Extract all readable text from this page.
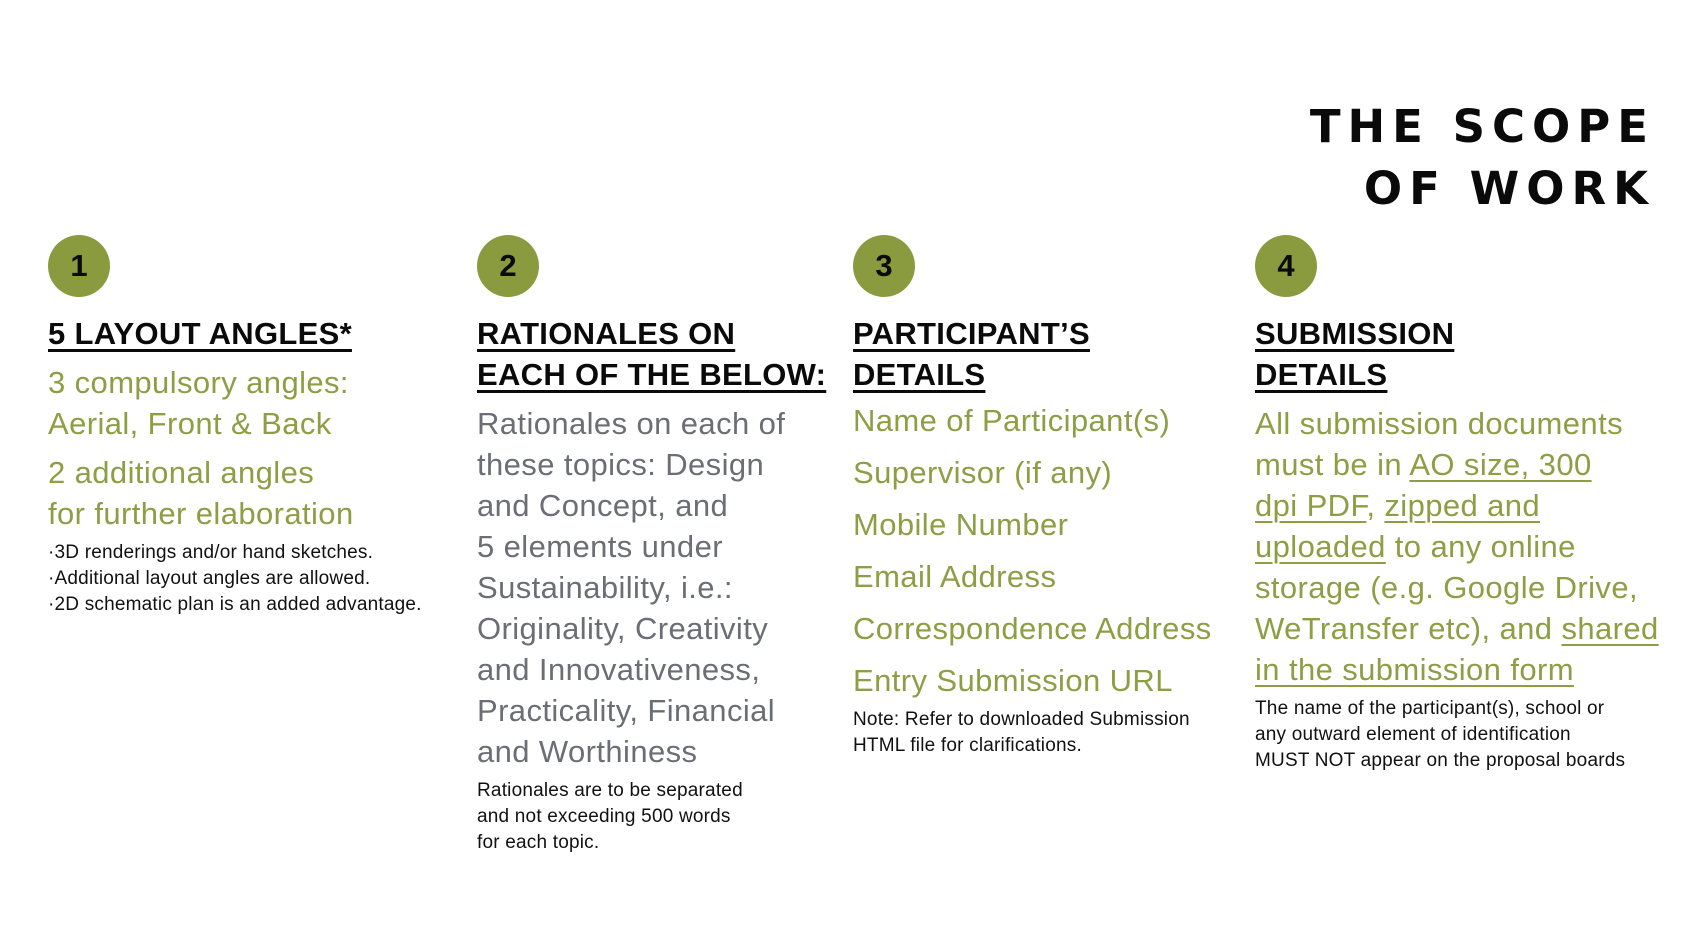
THE SCOPE
OF WORK
1
5 LAYOUT ANGLES*
3 compulsory angles:
Aerial, Front & Back
2 additional angles
for further elaboration
·3D renderings and/or hand sketches.
·Additional layout angles are allowed.
·2D schematic plan is an added advantage.
2
RATIONALES ON
EACH OF THE BELOW:
Rationales on each of
these topics: Design
and Concept, and
5 elements under
Sustainability, i.e.:
Originality, Creativity
and Innovativeness,
Practicality, Financial
and Worthiness
Rationales are to be separated
and not exceeding 500 words
for each topic.
3
PARTICIPANT’S
DETAILS
Name of Participant(s)
Supervisor (if any)
Mobile Number
Email Address
Correspondence Address
Entry Submission URL
Note: Refer to downloaded Submission
HTML file for clarifications.
4
SUBMISSION
DETAILS
All submission documents
must be in AO size, 300
dpi PDF, zipped and
uploaded to any online
storage (e.g. Google Drive,
WeTransfer etc), and shared
in the submission form
The name of the participant(s), school or
any outward element of identification
MUST NOT appear on the proposal boards
